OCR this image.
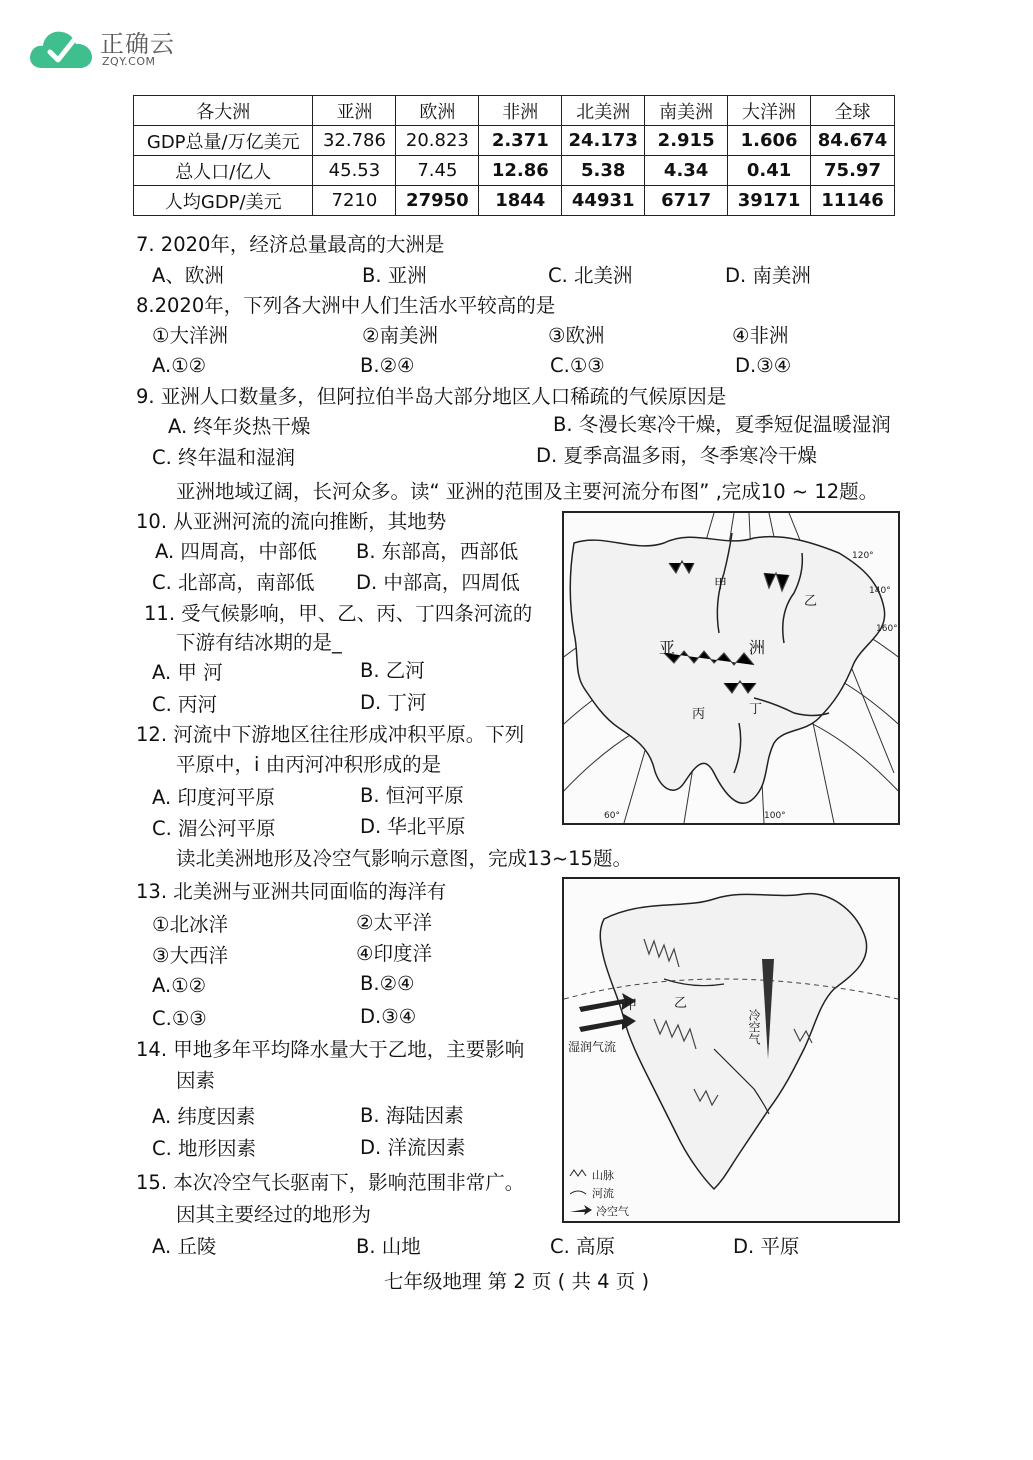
正确云
ZQY.COM
各大洲	亚洲	欧洲	非洲	北美洲	南美洲	大洋洲	全球
GDP总量/万亿美元	32.786	20.823	2.371	24.173	2.915	1.606	84.674
总人口/亿人	45.53	7.45	12.86	5.38	4.34	0.41	75.97
人均GDP/美元	7210	27950	1844	44931	6717	39171	11146
7. 2020年，经济总量最高的大洲是
A、欧洲	B. 亚洲	C. 北美洲	D. 南美洲
8.2020年，下列各大洲中人们生活水平较高的是
①大洋洲	②南美洲	③欧洲	④非洲
A.①②	B.②④	C.①③	D.③④
9. 亚洲人口数量多，但阿拉伯半岛大部分地区人口稀疏的气候原因是
A. 终年炎热干燥	B. 冬漫长寒冷干燥，夏季短促温暖湿润
C. 终年温和湿润	D. 夏季高温多雨，冬季寒冷干燥
亚洲地域辽阔，长河众多。读“ 亚洲的范围及主要河流分布图” ,完成10 ~ 12题。
10. 从亚洲河流的流向推断，其地势
A. 四周高，中部低 B. 东部高，西部低
C. 北部高，南部低 D. 中部高，四周低
11. 受气候影响，甲、乙、丙、丁四条河流的
下游有结冰期的是_
A. 甲 河	B. 乙河
C. 丙河	D. 丁河
12. 河流中下游地区往往形成冲积平原。下列
平原中，i 由丙河冲积形成的是
A. 印度河平原	B. 恒河平原
C. 湄公河平原	D. 华北平原
读北美洲地形及冷空气影响示意图，完成13~15题。
13. 北美洲与亚洲共同面临的海洋有
①北冰洋	②太平洋
③大西洋	④印度洋
A.①②	B.②④
C.①③	D.③④
14. 甲地多年平均降水量大于乙地，主要影响
因素
A. 纬度因素	B. 海陆因素
C. 地形因素	D. 洋流因素
15. 本次冷空气长驱南下，影响范围非常广。
因其主要经过的地形为
A. 丘陵	B. 山地	C. 高原	D. 平原
甲
乙
丙	丁
亚	洲
120°
140°
160°
60°	100°
甲	乙
湿润气流
冷空气
山脉
河流
冷空气
七年级地理 第 2 页 ( 共 4 页 )
